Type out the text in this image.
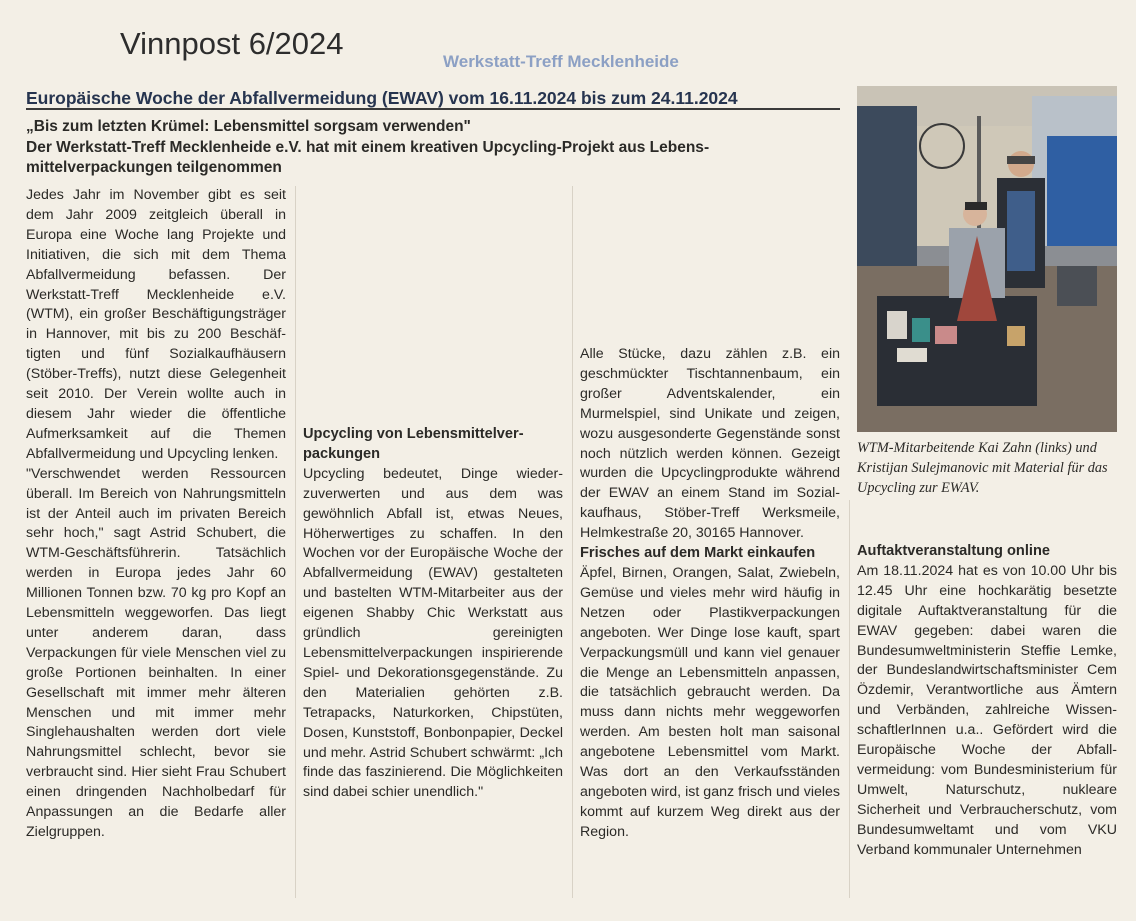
Vinnpost 6/2024
Werkstatt-Treff Mecklenheide
Europäische Woche der Abfallvermeidung (EWAV) vom 16.11.2024 bis zum 24.11.2024
„Bis zum letzten Krümel: Lebensmittel sorgsam verwenden"
Der Werkstatt-Treff Mecklenheide e.V. hat mit einem kreativen Upcycling-Projekt aus Lebensmittelverpackungen teilgenommen

Jedes Jahr im November gibt es seit dem Jahr 2009 zeitgleich überall in Europa eine Woche lang Projekte und Initiativen, die sich mit dem Thema Abfallvermeidung befassen. Der Werkstatt-Treff Mecklenheide e.V. (WTM), ein großer Beschäftigungsträger in Hannover, mit bis zu 200 Beschäftigten und fünf Sozialkaufhäusern (Stöber-Treffs), nutzt diese Gelegenheit seit 2010. Der Verein wollte auch in diesem Jahr wieder die öffentliche Aufmerksamkeit auf die Themen Abfallvermeidung und Upcycling lenken.

"Verschwendet werden Ressourcen überall. Im Bereich von Nahrungsmitteln ist der Anteil auch im privaten Bereich sehr hoch," sagt Astrid Schubert, die WTM-Geschäftsführerin. Tatsächlich werden in Europa jedes Jahr 60 Millionen Tonnen bzw. 70 kg pro Kopf an Lebensmitteln weggeworfen. Das liegt unter anderem daran, dass Verpackungen für viele Menschen viel zu große Portionen beinhalten. In einer Gesellschaft mit immer mehr älteren Menschen und mit immer mehr Singlehaushalten werden dort viele Nahrungsmittel schlecht, bevor sie verbraucht sind. Hier sieht Frau Schubert einen dringenden Nachholbedarf für Anpassungen an die Bedarfe aller Zielgruppen.

Upcycling von Lebensmittelverpackungen

Upcycling bedeutet, Dinge wiederzuverwerten und aus dem was gewöhnlich Abfall ist, etwas Neues, Höherwertiges zu schaffen. In den Wochen vor der Europäische Woche der Abfallvermeidung (EWAV) gestalteten und bastelten WTM-Mitarbeiter aus der eigenen Shabby Chic Werkstatt aus gründlich gereinigten Lebensmittelverpackungen inspirierende Spiel- und Dekorationsgegenstände. Zu den Materialien gehörten z.B. Tetrapacks, Naturkorken, Chipstüten, Dosen, Kunststoff, Bonbonpapier, Deckel und mehr. Astrid Schubert schwärmt: „Ich finde das faszinierend. Die Möglichkeiten sind dabei schier unendlich."

Alle Stücke, dazu zählen z.B. ein geschmückter Tischtannenbaum, ein großer Adventskalender, ein Murmelspiel, sind Unikate und zeigen, wozu ausgesonderte Gegenstände sonst noch nützlich werden können. Gezeigt wurden die Upcyclingprodukte während der EWAV an einem Stand im Sozialkaufhaus, Stöber-Treff Werksmeile, Helmkestraße 20, 30165 Hannover.

Frisches auf dem Markt einkaufen

Äpfel, Birnen, Orangen, Salat, Zwiebeln, Gemüse und vieles mehr wird häufig in Netzen oder Plastikverpackungen angeboten. Wer Dinge lose kauft, spart Verpackungsmüll und kann viel genauer die Menge an Lebensmitteln anpassen, die tatsächlich gebraucht werden. Da muss dann nichts mehr weggeworfen werden. Am besten holt man saisonal angebotene Lebensmittel vom Markt. Was dort an den Verkaufsständen angeboten wird, ist ganz frisch und vieles kommt auf kurzem Weg direkt aus der Region.

WTM-Mitarbeitende Kai Zahn (links) und Kristijan Sulejmanovic mit Material für das Upcycling zur EWAV.
Auftaktveranstaltung online

Am 18.11.2024 hat es von 10.00 Uhr bis 12.45 Uhr eine hochkarätig besetzte digitale Auftaktveranstaltung für die EWAV gegeben: dabei waren die Bundesumweltministerin Steffie Lemke, der Bundeslandwirtschaftsminister Cem Özdemir, Verantwortliche aus Ämtern und Verbänden, zahlreiche WissenschaftlerInnen u.a.. Gefördert wird die Europäische Woche der Abfallvermeidung: vom Bundesministerium für Umwelt, Naturschutz, nukleare Sicherheit und Verbraucherschutz, vom Bundesumweltamt und vom VKU Verband kommunaler Unternehmen
